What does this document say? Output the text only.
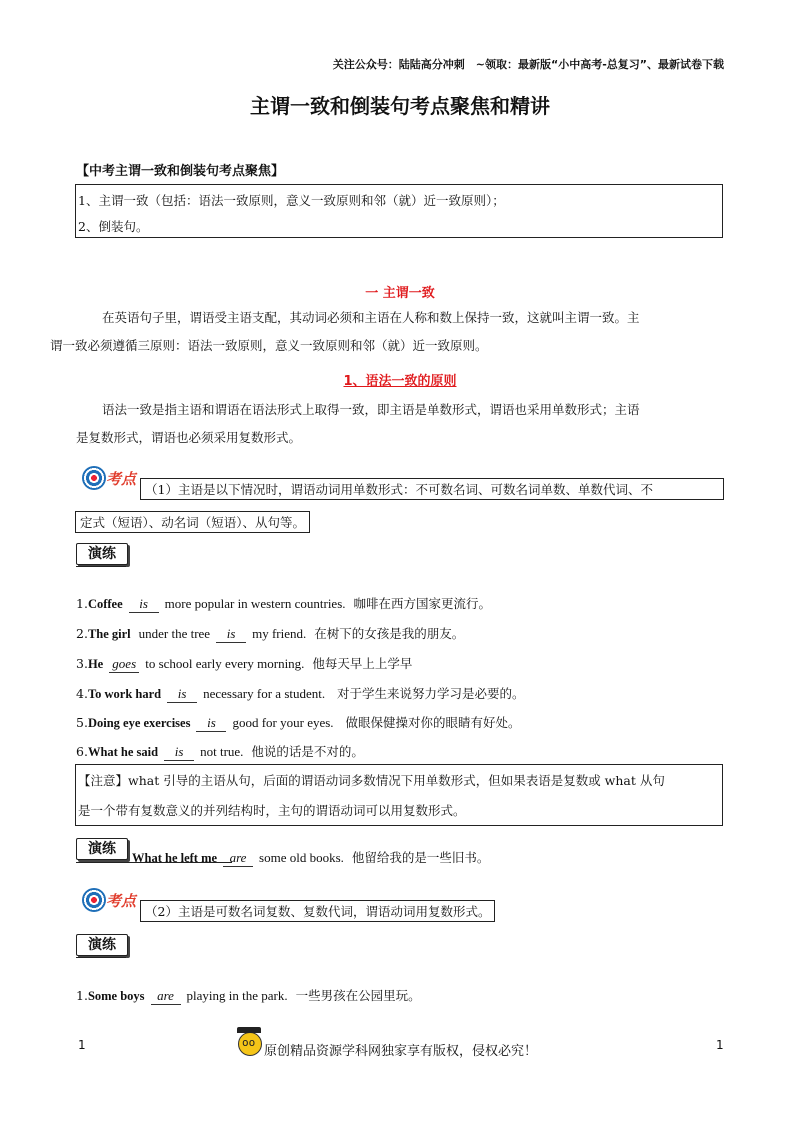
关注公众号：陆陆高分冲刺　~领取：最新版“小中高考-总复习”、最新试卷下载
主谓一致和倒装句考点聚焦和精讲
【中考主谓一致和倒装句考点聚焦】
1、主谓一致（包括：语法一致原则，意义一致原则和邻（就）近一致原则）；
2、倒装句。
一 主谓一致
在英语句子里，谓语受主语支配，其动词必须和主语在人称和数上保持一致，这就叫主谓一致。主
谓一致必须遵循三原则：语法一致原则，意义一致原则和邻（就）近一致原则。
1、语法一致的原则
语法一致是指主语和谓语在语法形式上取得一致，即主语是单数形式，谓语也采用单数形式；主语
是复数形式，谓语也必须采用复数形式。
考点
（1）主语是以下情况时，谓语动词用单数形式：不可数名词、可数名词单数、单数代词、不
定式（短语）、动名词（短语）、从句等。
演练
1.Coffee is more popular in western countries. 咖啡在西方国家更流行。
2.The girl under the tree is my friend. 在树下的女孩是我的朋友。
3.He goes to school early every morning. 他每天早上上学早
4.To work hard is necessary for a student. 对于学生来说努力学习是必要的。
5.Doing eye exercises is good for your eyes. 做眼保健操对你的眼睛有好处。
6.What he said is not true. 他说的话是不对的。
【注意】what 引导的主语从句，后面的谓语动词多数情况下用单数形式，但如果表语是复数或 what 从句
是一个带有复数意义的并列结构时，主句的谓语动词可以用复数形式。
演练
What he left me are some old books. 他留给我的是一些旧书。
考点
（2）主语是可数名词复数、复数代词，谓语动词用复数形式。
演练
1.Some boys are playing in the park. 一些男孩在公园里玩。
1
oo	原创精品资源学科网独家享有版权，侵权必究！	1
